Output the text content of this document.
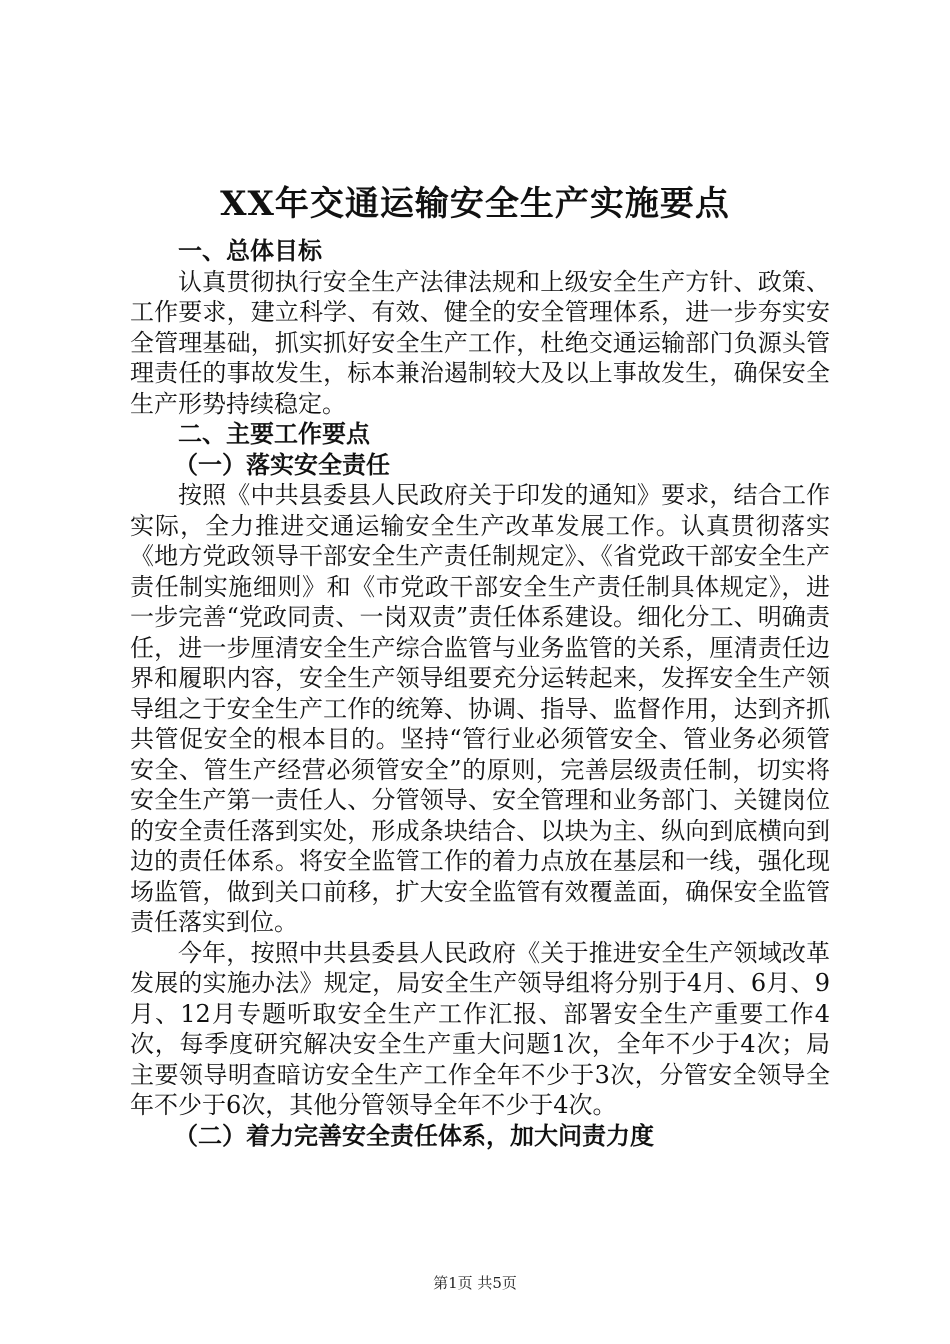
XX年交通运输安全生产实施要点
一、总体目标

认真贯彻执行安全生产法律法规和上级安全生产方针、政策、工作要求，建立科学、有效、健全的安全管理体系，进一步夯实安全管理基础，抓实抓好安全生产工作，杜绝交通运输部门负源头管理责任的事故发生，标本兼治遏制较大及以上事故发生，确保安全生产形势持续稳定。

二、主要工作要点
（一）落实安全责任

按照《中共县委县人民政府关于印发的通知》要求，结合工作实际，全力推进交通运输安全生产改革发展工作。认真贯彻落实《地方党政领导干部安全生产责任制规定》、《省党政干部安全生产责任制实施细则》和《市党政干部安全生产责任制具体规定》，进一步完善“党政同责、一岗双责”责任体系建设。细化分工、明确责任，进一步厘清安全生产综合监管与业务监管的关系，厘清责任边界和履职内容，安全生产领导组要充分运转起来，发挥安全生产领导组之于安全生产工作的统筹、协调、指导、监督作用，达到齐抓共管促安全的根本目的。坚持“管行业必须管安全、管业务必须管安全、管生产经营必须管安全”的原则，完善层级责任制，切实将安全生产第一责任人、分管领导、安全管理和业务部门、关键岗位的安全责任落到实处，形成条块结合、以块为主、纵向到底横向到边的责任体系。将安全监管工作的着力点放在基层和一线，强化现场监管，做到关口前移，扩大安全监管有效覆盖面，确保安全监管责任落实到位。

今年，按照中共县委县人民政府《关于推进安全生产领域改革发展的实施办法》规定，局安全生产领导组将分别于4月、6月、9月、12月专题听取安全生产工作汇报、部署安全生产重要工作4次，每季度研究解决安全生产重大问题1次，全年不少于4次；局主要领导明查暗访安全生产工作全年不少于3次，分管安全领导全年不少于6次，其他分管领导全年不少于4次。

（二）着力完善安全责任体系，加大问责力度
第1页 共5页
